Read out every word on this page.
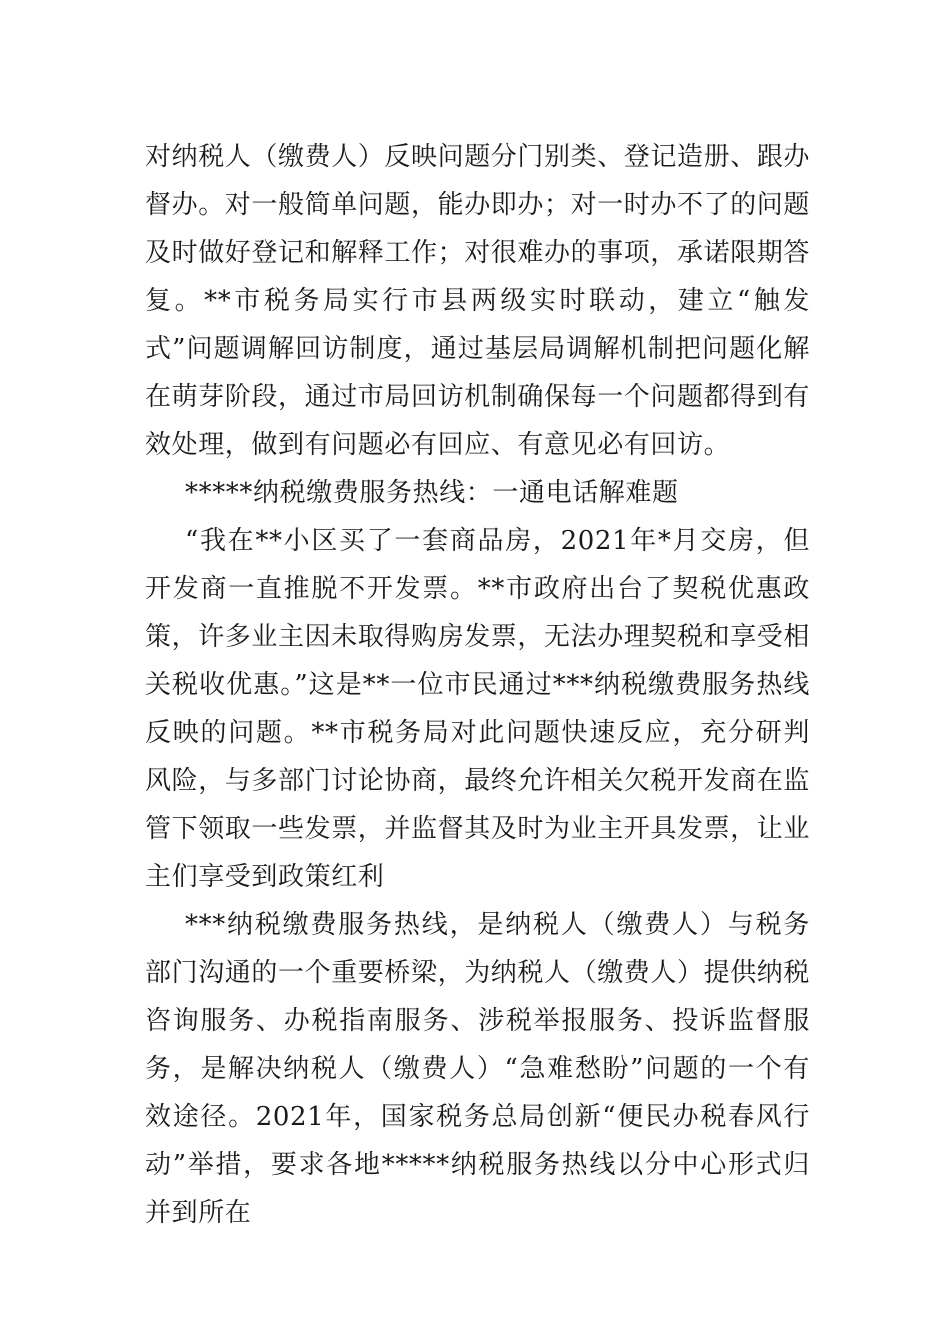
对纳税人（缴费人）反映问题分门别类、登记造册、跟办督办。对一般简单问题，能办即办；对一时办不了的问题及时做好登记和解释工作；对很难办的事项，承诺限期答复。**市税务局实行市县两级实时联动，建立“触发式”问题调解回访制度，通过基层局调解机制把问题化解在萌芽阶段，通过市局回访机制确保每一个问题都得到有效处理，做到有问题必有回应、有意见必有回访。

*****纳税缴费服务热线：一通电话解难题

“我在**小区买了一套商品房，2021年*月交房，但开发商一直推脱不开发票。**市政府出台了契税优惠政策，许多业主因未取得购房发票，无法办理契税和享受相关税收优惠。”这是**一位市民通过***纳税缴费服务热线反映的问题。**市税务局对此问题快速反应，充分研判风险，与多部门讨论协商，最终允许相关欠税开发商在监管下领取一些发票，并监督其及时为业主开具发票，让业主们享受到政策红利

***纳税缴费服务热线，是纳税人（缴费人）与税务部门沟通的一个重要桥梁，为纳税人（缴费人）提供纳税咨询服务、办税指南服务、涉税举报服务、投诉监督服务，是解决纳税人（缴费人）“急难愁盼”问题的一个有效途径。2021年，国家税务总局创新“便民办税春风行动”举措，要求各地*****纳税服务热线以分中心形式归并到所在
